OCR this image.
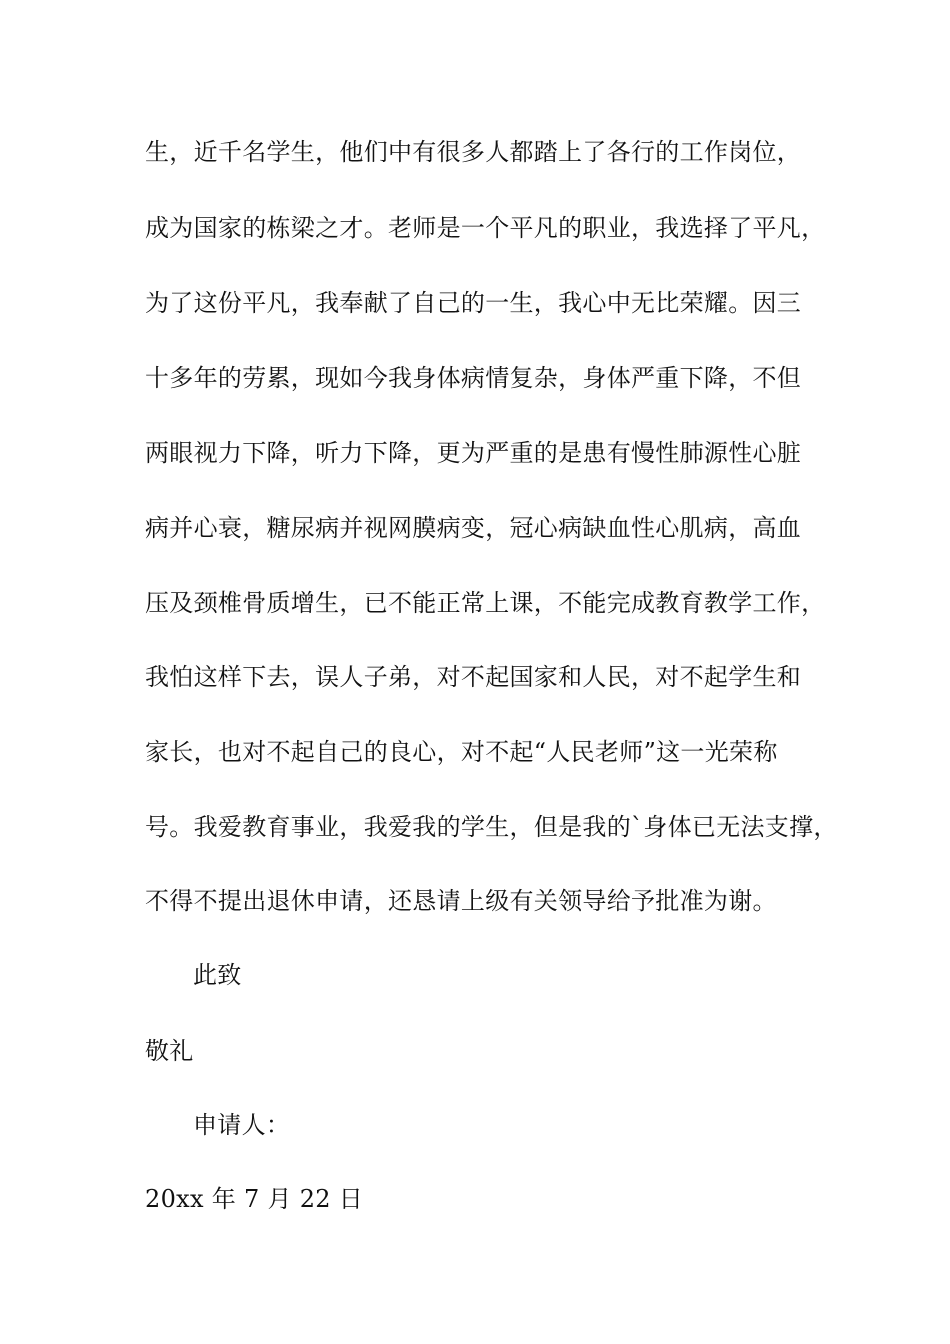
生，近千名学生，他们中有很多人都踏上了各行的工作岗位，
成为国家的栋梁之才。老师是一个平凡的职业，我选择了平凡，
为了这份平凡，我奉献了自己的一生，我心中无比荣耀。因三
十多年的劳累，现如今我身体病情复杂，身体严重下降，不但
两眼视力下降，听力下降，更为严重的是患有慢性肺源性心脏
病并心衰，糖尿病并视网膜病变，冠心病缺血性心肌病，高血
压及颈椎骨质增生，已不能正常上课，不能完成教育教学工作，
我怕这样下去，误人子弟，对不起国家和人民，对不起学生和
家长，也对不起自己的良心，对不起“人民老师”这一光荣称
号。我爱教育事业，我爱我的学生，但是我的`身体已无法支撑，
不得不提出退休申请，还恳请上级有关领导给予批准为谢。
此致
敬礼
申请人：
20xx 年 7 月 22 日
